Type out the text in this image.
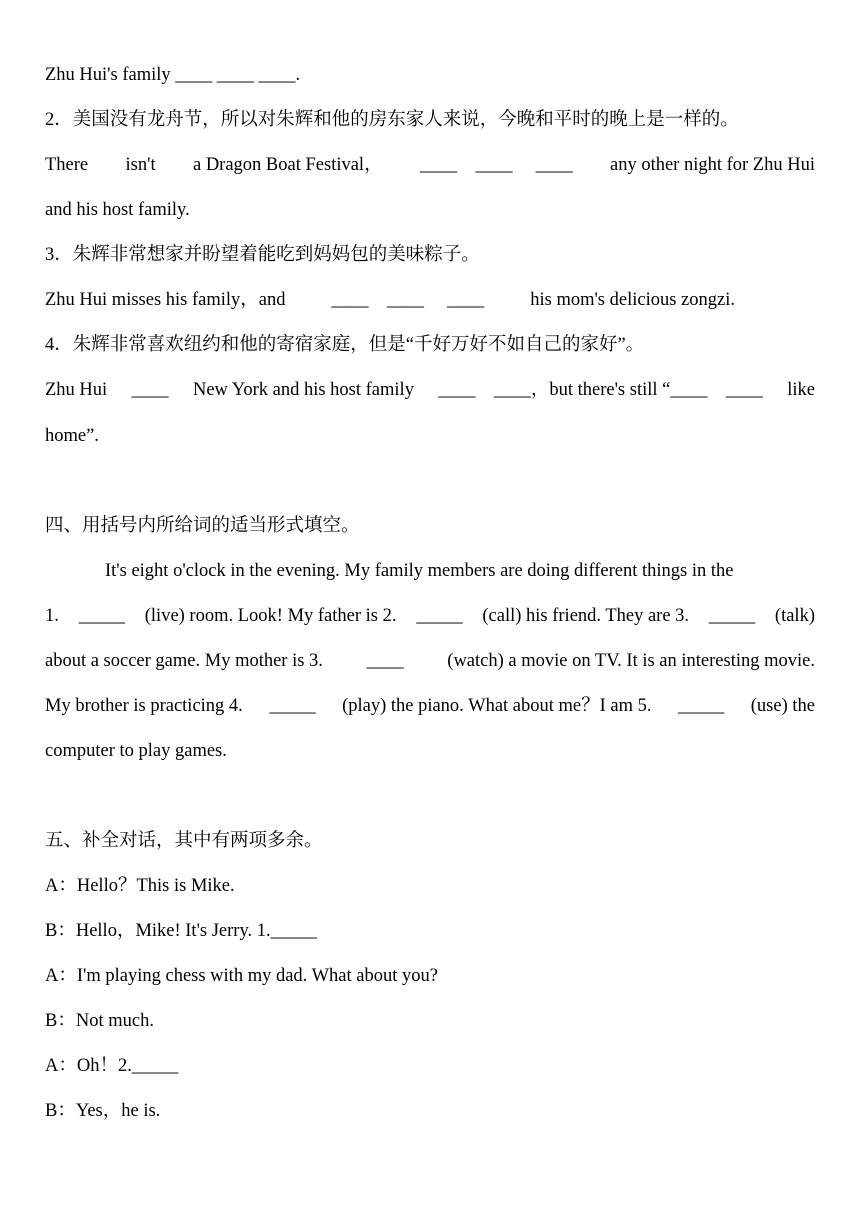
Zhu Hui's family ____ ____ ____.
2．美国没有龙舟节，所以对朱辉和他的房东家人来说，今晚和平时的晚上是一样的。
There isn't a Dragon Boat Festival， ____    ____     ____ any other night for Zhu Hui
and his host family.
3．朱辉非常想家并盼望着能吃到妈妈包的美味粽子。
Zhu Hui misses his family，and ____    ____     ____ his mom's delicious zongzi.
4．朱辉非常喜欢纽约和他的寄宿家庭，但是“千好万好不如自己的家好”。
Zhu Hui ____ New York and his host family ____    ____，but there's still “____    ____ like
home”.
四、用括号内所给词的适当形式填空。
It's eight o'clock in the evening. My family members are doing different things in the
1. _____ (live) room. Look! My father is 2. _____ (call) his friend. They are 3. _____ (talk)
about a soccer game. My mother is 3. ____ (watch) a movie on TV. It is an interesting movie.
My brother is practicing 4. _____ (play) the piano. What about me？I am 5. _____ (use) the
computer to play games.
五、补全对话，其中有两项多余。
A：Hello？This is Mike.
B：Hello，Mike! It's Jerry. 1._____
A：I'm playing chess with my dad. What about you?
B：Not much.
A：Oh！2._____
B：Yes，he is.
